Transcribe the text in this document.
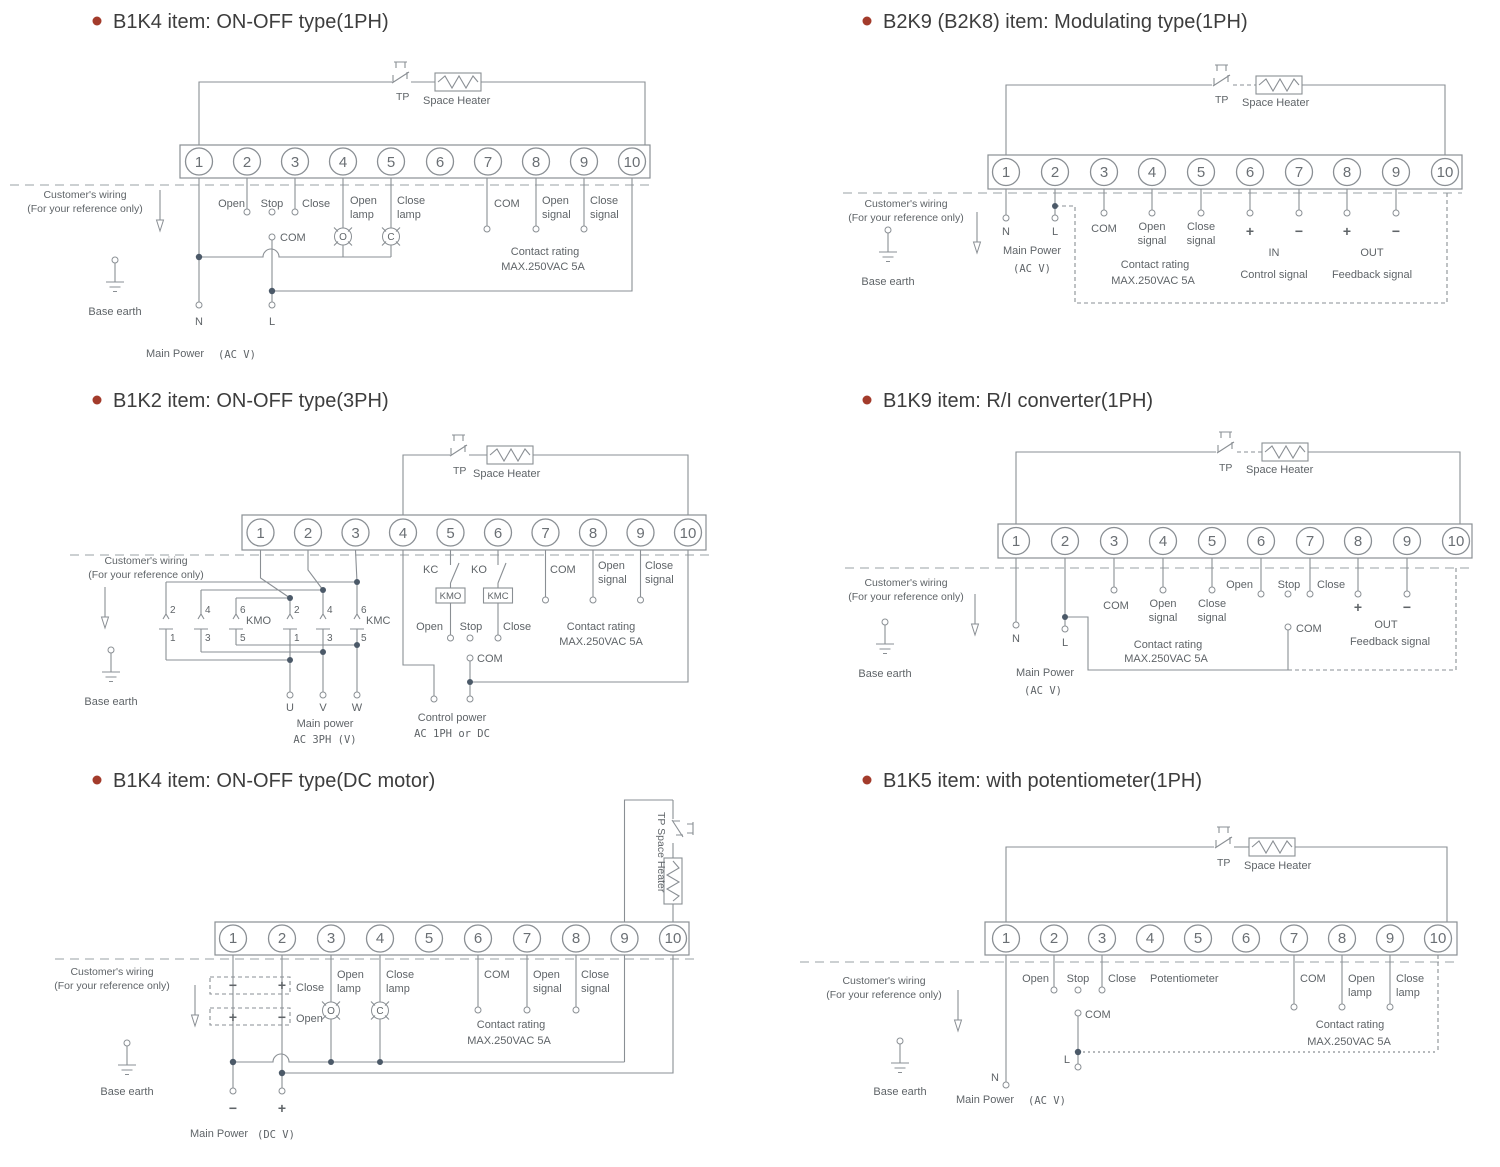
B1K4 item: ON-OFF type(1PH)
TP Space Heater
O	C
1	2	3	4	5	6	7	8	9 10
Open Stop Close Open
lamp
Close
lamp
COM
COM Open
signal
Close
signal
Contact rating
MAX.250VAC 5A
N	L
Main Power (AC V)
Customer's wiring
(For your reference only)
Base earth
B2K9 (B2K8) item: Modulating type(1PH)
TP Space Heater
1	2	3	4	5	6	7	8	9 10
N	L
Main Power
(AC V)
COM Open
signal
Close
signal
Contact rating
MAX.250VAC 5A
+	−	+	−
IN	OUT
Control signal Feedback signal
Customer's wiring
(For your reference only)
Base earth
B1K2 item: ON-OFF type(3PH)
TP Space Heater
2	4	6
1	3	5
2	4	6
1	3	5
KMO	KMC
KMO	KMC
1	2	3	4	5	6	7	8	9 10
KC	KO
Open Stop Close
COM
COM Open
signal
Close
signal
Contact rating
MAX.250VAC 5A
U V W
Main power
AC 3PH (V)
Control power
AC 1PH or DC
Customer's wiring
(For your reference only)
Base earth
B1K9 item: R/I converter(1PH)
TP Space Heater
1	2	3	4	5	6	7	8	9 10
N	L
Main Power
(AC V)
COM Open
signal
Close
signal
Open Stop Close
COM
Contact rating
MAX.250VAC 5A
+	−
OUT
Feedback signal
Customer's wiring
(For your reference only)
Base earth
B1K4 item: ON-OFF type(DC motor)
TP Space Heater
−	+ Close
+	− Open
O	C
1	2	3	4	5	6	7	8	9 10
Open
lamp
Close
lamp
COM Open
signal
Close
signal
Contact rating
MAX.250VAC 5A
−	+
Main Power (DC V)
Customer's wiring
(For your reference only)
Base earth
B1K5 item: with potentiometer(1PH)
TP Space Heater
1	2	3	4	5	6	7	8	9 10
Open Stop Close Potentiometer
COM
COM Open
lamp
Close
lamp
Contact rating
MAX.250VAC 5A
N
L
Main Power (AC V)
Customer's wiring
(For your reference only)
Base earth
